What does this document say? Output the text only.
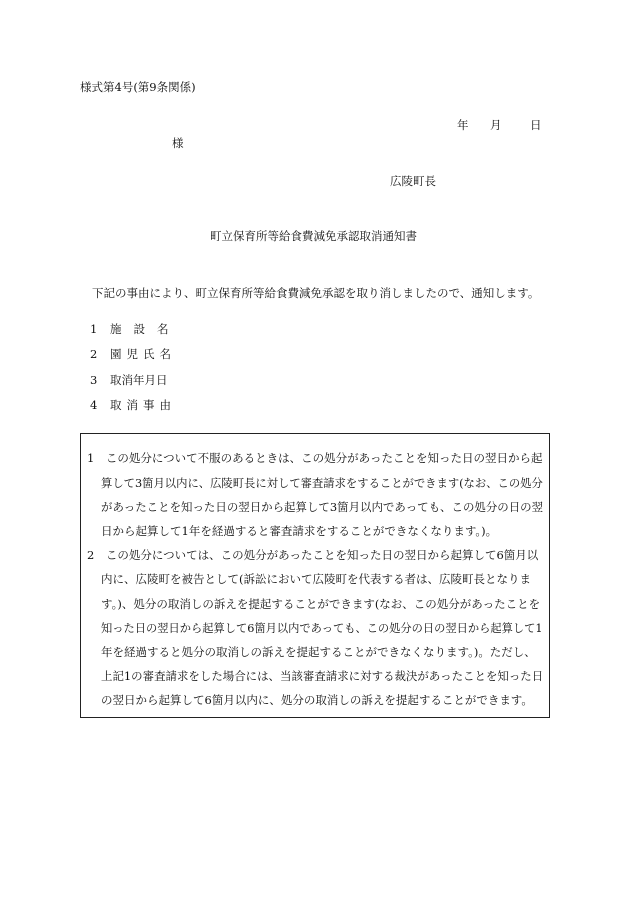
様式第4号(第9条関係)
年 月 日
様
広陵町長
町立保育所等給食費減免承認取消通知書
下記の事由により、町立保育所等給食費減免承認を取り消しましたので、通知します。
1 施設名
2 園児氏名
3 取消年月日
4 取消事由
1　この処分について不服のあるときは、この処分があったことを知った日の翌日から起
算して3箇月以内に、広陵町長に対して審査請求をすることができます(なお、この処分
があったことを知った日の翌日から起算して3箇月以内であっても、この処分の日の翌
日から起算して1年を経過すると審査請求をすることができなくなります。)。
2　この処分については、この処分があったことを知った日の翌日から起算して6箇月以
内に、広陵町を被告として(訴訟において広陵町を代表する者は、広陵町長となりま
す。)、処分の取消しの訴えを提起することができます(なお、この処分があったことを
知った日の翌日から起算して6箇月以内であっても、この処分の日の翌日から起算して1
年を経過すると処分の取消しの訴えを提起することができなくなります。)。ただし、
上記1の審査請求をした場合には、当該審査請求に対する裁決があったことを知った日
の翌日から起算して6箇月以内に、処分の取消しの訴えを提起することができます。
